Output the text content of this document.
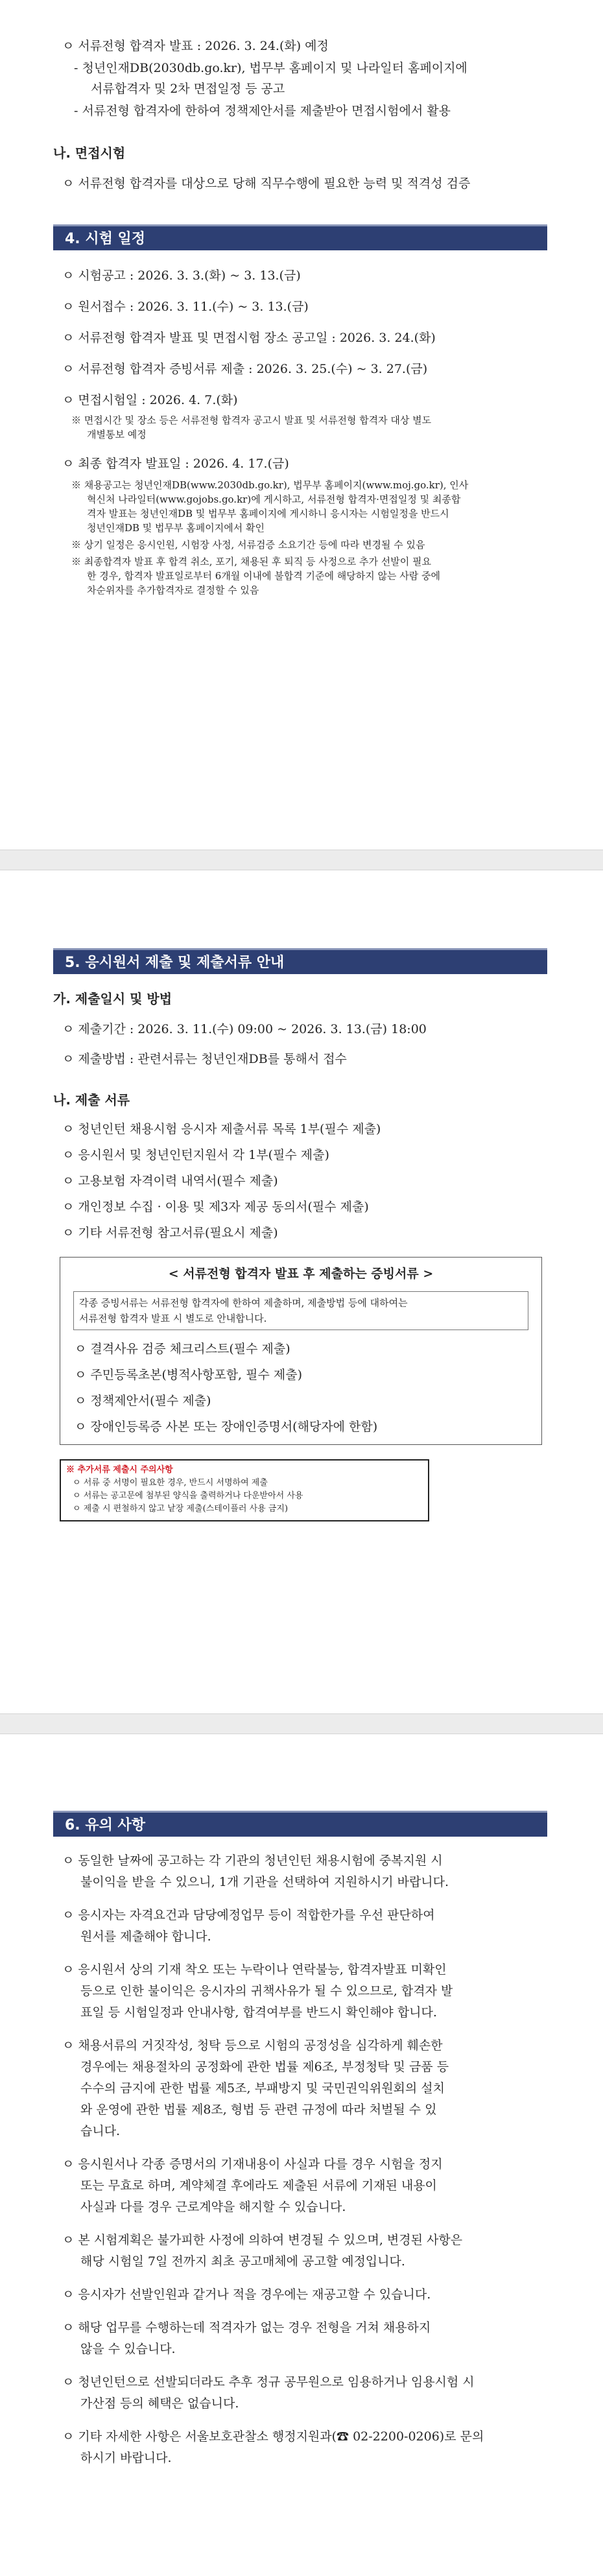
ㅇ 서류전형 합격자 발표 : 2026. 3. 24.(화) 예정
- 청년인재DB(2030db.go.kr), 법무부 홈페이지 및 나라일터 홈페이지에
서류합격자 및 2차 면접일정 등 공고
- 서류전형 합격자에 한하여 정책제안서를 제출받아 면접시험에서 활용
나. 면접시험
ㅇ 서류전형 합격자를 대상으로 당해 직무수행에 필요한 능력 및 적격성 검증
4. 시험 일정
ㅇ 시험공고 : 2026. 3. 3.(화) ~ 3. 13.(금)
ㅇ 원서접수 : 2026. 3. 11.(수) ~ 3. 13.(금)
ㅇ 서류전형 합격자 발표 및 면접시험 장소 공고일 : 2026. 3. 24.(화)
ㅇ 서류전형 합격자 증빙서류 제출 : 2026. 3. 25.(수) ~ 3. 27.(금)
ㅇ 면접시험일 : 2026. 4. 7.(화)
※ 면접시간 및 장소 등은 서류전형 합격자 공고시 발표 및 서류전형 합격자 대상 별도
개별통보 예정
ㅇ 최종 합격자 발표일 : 2026. 4. 17.(금)
※ 채용공고는 청년인재DB(www.2030db.go.kr), 법무부 홈페이지(www.moj.go.kr), 인사
혁신처 나라일터(www.gojobs.go.kr)에 게시하고, 서류전형 합격자·면접일정 및 최종합
격자 발표는 청년인재DB 및 법무부 홈페이지에 게시하니 응시자는 시험일정을 반드시
청년인재DB 및 법무부 홈페이지에서 확인
※ 상기 일정은 응시인원, 시험장 사정, 서류검증 소요기간 등에 따라 변경될 수 있음
※ 최종합격자 발표 후 합격 취소, 포기, 채용된 후 퇴직 등 사정으로 추가 선발이 필요
한 경우, 합격자 발표일로부터 6개월 이내에 불합격 기준에 해당하지 않는 사람 중에
차순위자를 추가합격자로 결정할 수 있음
5. 응시원서 제출 및 제출서류 안내
가. 제출일시 및 방법
ㅇ 제출기간 : 2026. 3. 11.(수) 09:00 ~ 2026. 3. 13.(금) 18:00
ㅇ 제출방법 : 관련서류는 청년인재DB를 통해서 접수
나. 제출 서류
ㅇ 청년인턴 채용시험 응시자 제출서류 목록 1부(필수 제출)
ㅇ 응시원서 및 청년인턴지원서 각 1부(필수 제출)
ㅇ 고용보험 자격이력 내역서(필수 제출)
ㅇ 개인정보 수집 · 이용 및 제3자 제공 동의서(필수 제출)
ㅇ 기타 서류전형 참고서류(필요시 제출)
< 서류전형 합격자 발표 후 제출하는 증빙서류 >
각종 증빙서류는 서류전형 합격자에 한하여 제출하며, 제출방법 등에 대하여는
서류전형 합격자 발표 시 별도로 안내합니다.
ㅇ 결격사유 검증 체크리스트(필수 제출)
ㅇ 주민등록초본(병적사항포함, 필수 제출)
ㅇ 정책제안서(필수 제출)
ㅇ 장애인등록증 사본 또는 장애인증명서(해당자에 한함)
※ 추가서류 제출시 주의사항
ㅇ 서류 중 서명이 필요한 경우, 반드시 서명하여 제출
ㅇ 서류는 공고문에 첨부된 양식을 출력하거나 다운받아서 사용
ㅇ 제출 시 편철하지 않고 낱장 제출(스테이플러 사용 금지)
6. 유의 사항
ㅇ 동일한 날짜에 공고하는 각 기관의 청년인턴 채용시험에 중복지원 시
불이익을 받을 수 있으니, 1개 기관을 선택하여 지원하시기 바랍니다.
ㅇ 응시자는 자격요건과 담당예정업무 등이 적합한가를 우선 판단하여
원서를 제출해야 합니다.
ㅇ 응시원서 상의 기재 착오 또는 누락이나 연락불능, 합격자발표 미확인
등으로 인한 불이익은 응시자의 귀책사유가 될 수 있으므로, 합격자 발
표일 등 시험일정과 안내사항, 합격여부를 반드시 확인해야 합니다.
ㅇ 채용서류의 거짓작성, 청탁 등으로 시험의 공정성을 심각하게 훼손한
경우에는 채용절차의 공정화에 관한 법률 제6조, 부정청탁 및 금품 등
수수의 금지에 관한 법률 제5조, 부패방지 및 국민권익위원회의 설치
와 운영에 관한 법률 제8조, 형법 등 관련 규정에 따라 처벌될 수 있
습니다.
ㅇ 응시원서나 각종 증명서의 기재내용이 사실과 다를 경우 시험을 정지
또는 무효로 하며, 계약체결 후에라도 제출된 서류에 기재된 내용이
사실과 다를 경우 근로계약을 해지할 수 있습니다.
ㅇ 본 시험계획은 불가피한 사정에 의하여 변경될 수 있으며, 변경된 사항은
해당 시험일 7일 전까지 최초 공고매체에 공고할 예정입니다.
ㅇ 응시자가 선발인원과 같거나 적을 경우에는 재공고할 수 있습니다.
ㅇ 해당 업무를 수행하는데 적격자가 없는 경우 전형을 거쳐 채용하지
않을 수 있습니다.
ㅇ 청년인턴으로 선발되더라도 추후 정규 공무원으로 임용하거나 임용시험 시
가산점 등의 혜택은 없습니다.
ㅇ 기타 자세한 사항은 서울보호관찰소 행정지원과(☎ 02-2200-0206)로 문의
하시기 바랍니다.
